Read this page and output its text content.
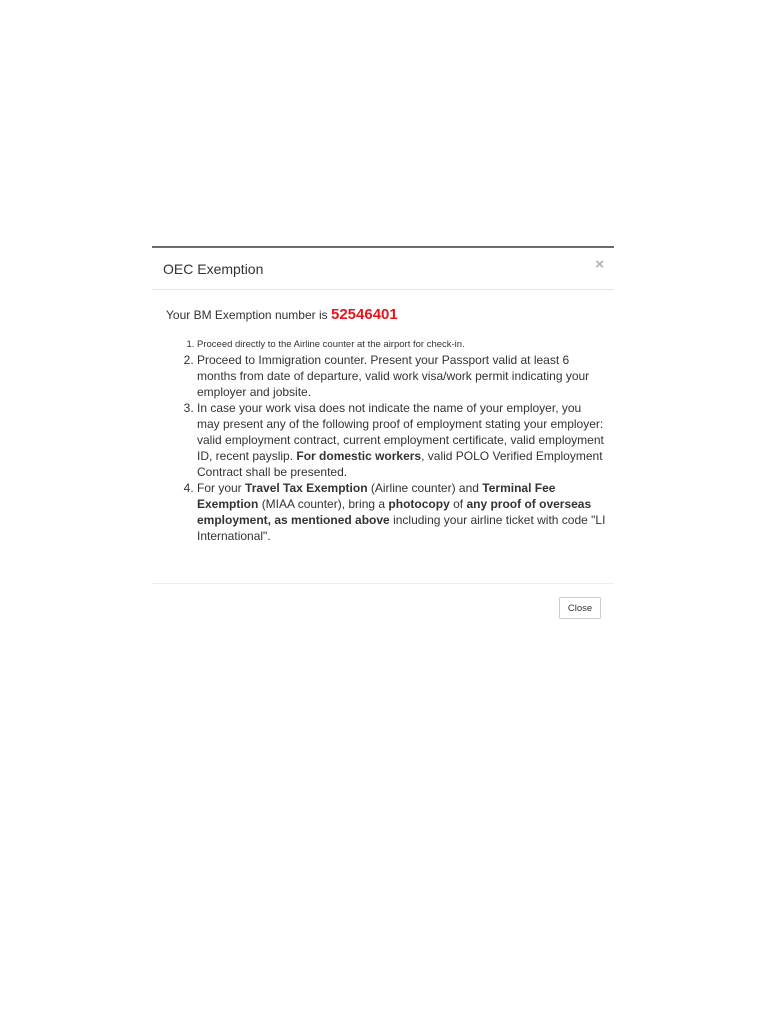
OEC Exemption	×
Your BM Exemption number is 52546401
1. Proceed directly to the Airline counter at the airport for check-in.
2. Proceed to Immigration counter. Present your Passport valid at least 6 months from date of departure, valid work visa/work permit indicating your employer and jobsite.
3. In case your work visa does not indicate the name of your employer, you may present any of the following proof of employment stating your employer: valid employment contract, current employment certificate, valid employment ID, recent payslip. For domestic workers, valid POLO Verified Employment Contract shall be presented.
4. For your Travel Tax Exemption (Airline counter) and Terminal Fee Exemption (MIAA counter), bring a photocopy of any proof of overseas employment, as mentioned above including your airline ticket with code "LI International".
Close
